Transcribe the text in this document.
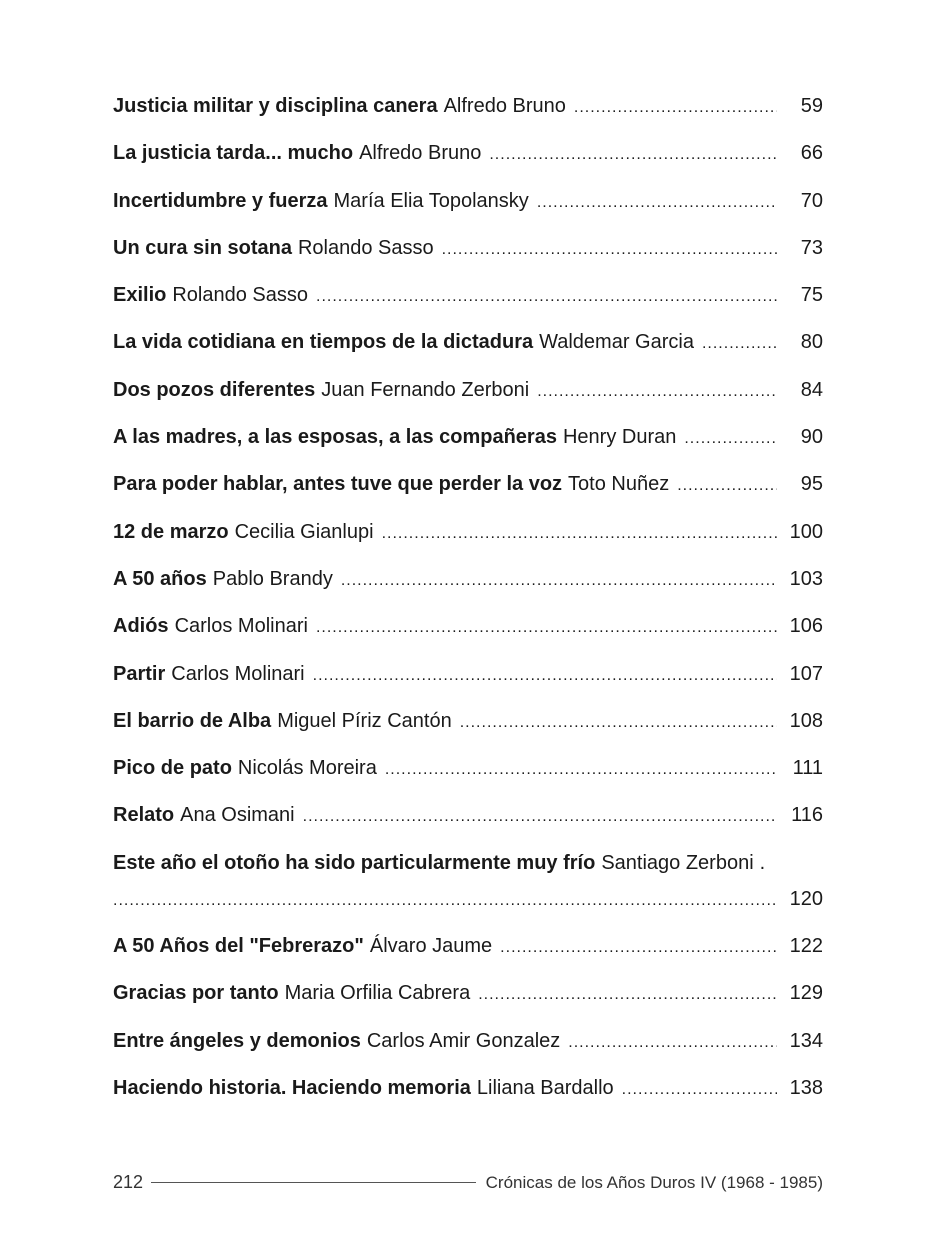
Justicia militar y disciplina canera Alfredo Bruno .....	59
La justicia tarda... mucho Alfredo Bruno .....	66
Incertidumbre y fuerza María Elia Topolansky .....	70
Un cura sin sotana Rolando Sasso .....	73
Exilio Rolando Sasso .....	75
La vida cotidiana en tiempos de la dictadura Waldemar Garcia .....	80
Dos pozos diferentes Juan Fernando Zerboni .....	84
A las madres, a las esposas, a las compañeras Henry Duran .....	90
Para poder hablar, antes tuve que perder la voz Toto Nuñez .....	95
12 de marzo Cecilia Gianlupi .....	100
A 50 años Pablo Brandy .....	103
Adiós Carlos Molinari .....	106
Partir Carlos Molinari .....	107
El barrio de Alba Miguel Píriz Cantón .....	108
Pico de pato Nicolás Moreira .....	111
Relato Ana Osimani .....	116
Este año el otoño ha sido particularmente muy frío Santiago Zerboni .
.....
120
A 50 Años del "Febrerazo" Álvaro Jaume .....	122
Gracias por tanto Maria Orfilia Cabrera .....	129
Entre ángeles y demonios Carlos Amir Gonzalez .....	134
Haciendo historia. Haciendo memoria Liliana Bardallo .....	138
212	Crónicas de los Años Duros IV (1968 - 1985)
